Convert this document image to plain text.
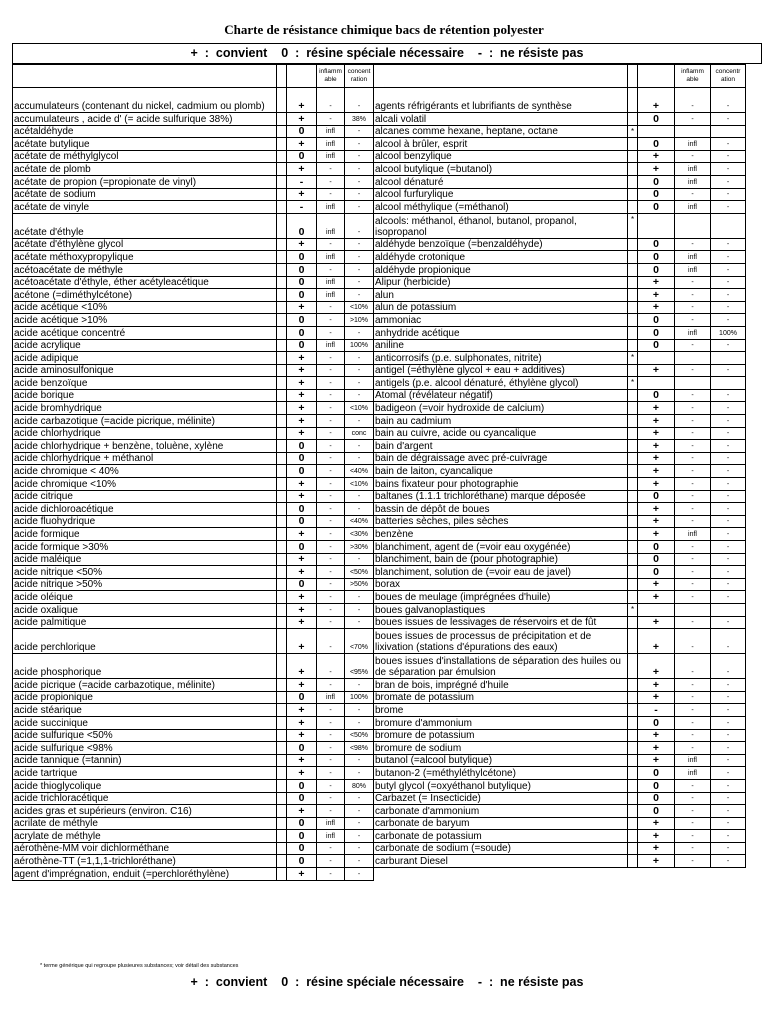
Charte de résistance chimique bacs de rétention polyester
+  :  convient    0  :  résine spéciale nécessaire    -  :  ne résiste pas
			inflamm able	concent ration
accumulateurs (contenant du nickel, cadmium ou plomb)		+	-	-
accumulateurs , acide d' (= acide sulfurique 38%)		+	-	38%
acétaldéhyde		0	infl	-
acétate butylique		+	infl	-
acétate de méthylglycol		0	infl	-
acétate de plomb		+	-	-
acétate de propion (=propionate de vinyl)		-	-	-
acétate de sodium		+	-	-
acétate de vinyle		-	infl	-
acétate d'éthyle		0	infl	-
acétate d'éthylène glycol		+	-	-
acétate méthoxypropylique		0	infl	-
acétoacétate de méthyle		0	-	-
acétoacétate d'éthyle, éther acétyleacétique		0	infl	-
acétone (=diméthylcétone)		0	infl	-
acide acétique <10%		+	-	<10%
acide acétique >10%		0	-	>10%
acide acétique concentré		0	-	-
acide acrylique		0	infl	100%
acide adipique		+	-	-
acide aminosulfonique		+	-	-
acide benzoïque		+	-	-
acide borique		+	-	-
acide bromhydrique		+	-	<10%
acide carbazotique (=acide picrique, mélinite)		+	-	-
acide chlorhydrique		+	-	conc
acide chlorhydrique + benzène, toluène, xylène		0	-	-
acide chlorhydrique + méthanol		0	-	-
acide chromique < 40%		0	-	<40%
acide chromique <10%		+	-	<10%
acide citrique		+	-	-
acide dichloroacétique		0	-	-
acide fluohydrique		0	-	<40%
acide formique		+	-	<30%
acide formique >30%		0	-	>30%
acide maléique		+	-	-
acide nitrique <50%		+	-	<50%
acide nitrique >50%		0	-	>50%
acide oléique		+	-	-
acide oxalique		+	-	-
acide palmitique		+	-	-
acide perchlorique		+	-	<70%
acide phosphorique		+	-	<95%
acide picrique (=acide carbazotique, mélinite)		+	-	-
acide propionique		0	infl	100%
acide stéarique		+	-	-
acide succinique		+	-	-
acide sulfurique <50%		+	-	<50%
acide sulfurique <98%		0	-	<98%
acide tannique (=tannin)		+	-	-
acide tartrique		+	-	-
acide thioglycolique		0	-	80%
acide trichloracétique		0	-	-
acides gras et supérieurs (environ. C16)		+	-	-
acrilate de méthyle		0	infl	-
acrylate de méthyle		0	infl	-
aérothène-MM voir dichlorméthane		0	-	-
aérothène-TT (=1,1,1-trichloréthane)		0	-	-
agent d'imprégnation, enduit (=perchloréthylène)		+	-	-
			inflamm able	concentr ation
agents réfrigérants et lubrifiants de synthèse		+	-	-
alcali volatil		0	-	-
alcanes comme hexane, heptane, octane	*			
alcool à brûler, esprit		0	infl	-
alcool benzylique		+	-	-
alcool butylique (=butanol)		+	infl	-
alcool dénaturé		0	infl	-
alcool furfurylique		0	-	-
alcool méthylique (=méthanol)		0	infl	-
alcools: méthanol, éthanol, butanol, propanol, isopropanol	*			
aldéhyde benzoïque (=benzaldéhyde)		0	-	-
aldéhyde crotonique		0	infl	-
aldéhyde propionique		0	infl	-
Alipur (herbicide)		+	-	-
alun		+	-	-
alun de potassium		+	-	-
ammoniac		0	-	-
anhydride acétique		0	infl	100%
aniline		0	-	-
anticorrosifs (p.e. sulphonates, nitrite)	*			
antigel (=éthylène glycol + eau + additives)		+	-	-
antigels (p.e. alcool dénaturé, éthylène glycol)	*			
Atomal (révélateur négatif)		0	-	-
badigeon (=voir hydroxide de calcium)		+	-	-
bain au cadmium		+	-	-
bain au cuivre, acide ou cyancalique		+	-	-
bain d'argent		+	-	-
bain de dégraissage avec pré-cuivrage		+	-	-
bain de laiton, cyancalique		+	-	-
bains fixateur pour photographie		+	-	-
baltanes (1.1.1 trichloréthane) marque déposée		0	-	-
bassin de dépôt de boues		+	-	-
batteries sèches, piles sèches		+	-	-
benzène		+	infl	-
blanchiment, agent de (=voir eau oxygénée)		0	-	-
blanchiment, bain de (pour photographie)		0	-	-
blanchiment, solution de (=voir eau de javel)		0	-	-
borax		+	-	-
boues de meulage (imprégnées d'huile)		+	-	-
boues galvanoplastiques	*			
boues issues de lessivages de réservoirs et de fût		+	-	-
boues issues de processus de précipitation et de lixivation (stations d'épurations des eaux)		+	-	-
boues issues d'installations de séparation des huiles ou de séparation par émulsion		+	-	-
bran de bois, imprégné d'huile		+	-	-
bromate de potassium		+	-	-
brome		-	-	-
bromure d'ammonium		0	-	-
bromure de potassium		+	-	-
bromure de sodium		+	-	-
butanol (=alcool butylique)		+	infl	-
butanon-2 (=méthyléthylcétone)		0	infl	-
butyl glycol (=oxyéthanol butylique)		0	-	-
Carbazet (= Insecticide)		0	-	-
carbonate d'ammonium		0	-	-
carbonate de baryum		+	-	-
carbonate de potassium		+	-	-
carbonate de sodium (=soude)		+	-	-
carburant Diesel		+	-	-
* terme générique qui regroupe plusieures substances; voir détail des substances
+  :  convient    0  :  résine spéciale nécessaire    -  :  ne résiste pas
